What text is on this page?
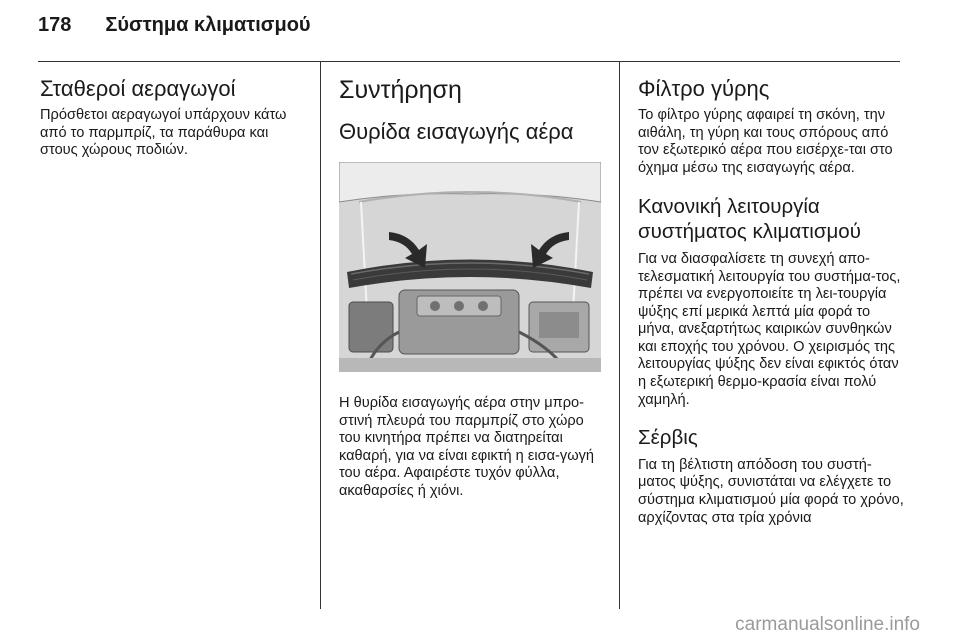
178 Σύστημα κλιματισμού
Σταθεροί αεραγωγοί

Πρόσθετοι αεραγωγοί υπάρχουν κάτω από το παρμπρίζ, τα παράθυρα και στους χώρους ποδιών.

Συντήρηση
Θυρίδα εισαγωγής αέρα

Η θυρίδα εισαγωγής αέρα στην μπρο-στινή πλευρά του παρμπρίζ στο χώρο του κινητήρα πρέπει να διατηρείται καθαρή, για να είναι εφικτή η εισα-γωγή του αέρα. Αφαιρέστε τυχόν φύλλα, ακαθαρσίες ή χιόνι.

Φίλτρο γύρης

Το φίλτρο γύρης αφαιρεί τη σκόνη, την αιθάλη, τη γύρη και τους σπόρους από τον εξωτερικό αέρα που εισέρχε-ται στο όχημα μέσω της εισαγωγής αέρα.

Κανονική λειτουργία συστήματος κλιματισμού

Για να διασφαλίσετε τη συνεχή απο-τελεσματική λειτουργία του συστήμα-τος, πρέπει να ενεργοποιείτε τη λει-τουργία ψύξης επί μερικά λεπτά μία φορά το μήνα, ανεξαρτήτως καιρικών συνθηκών και εποχής του χρόνου. Ο χειρισμός της λειτουργίας ψύξης δεν είναι εφικτός όταν η εξωτερική θερμο-κρασία είναι πολύ χαμηλή.

Σέρβις

Για τη βέλτιστη απόδοση του συστή-ματος ψύξης, συνιστάται να ελέγχετε το σύστημα κλιματισμού μία φορά το χρόνο, αρχίζοντας στα τρία χρόνια

carmanualsonline.info
